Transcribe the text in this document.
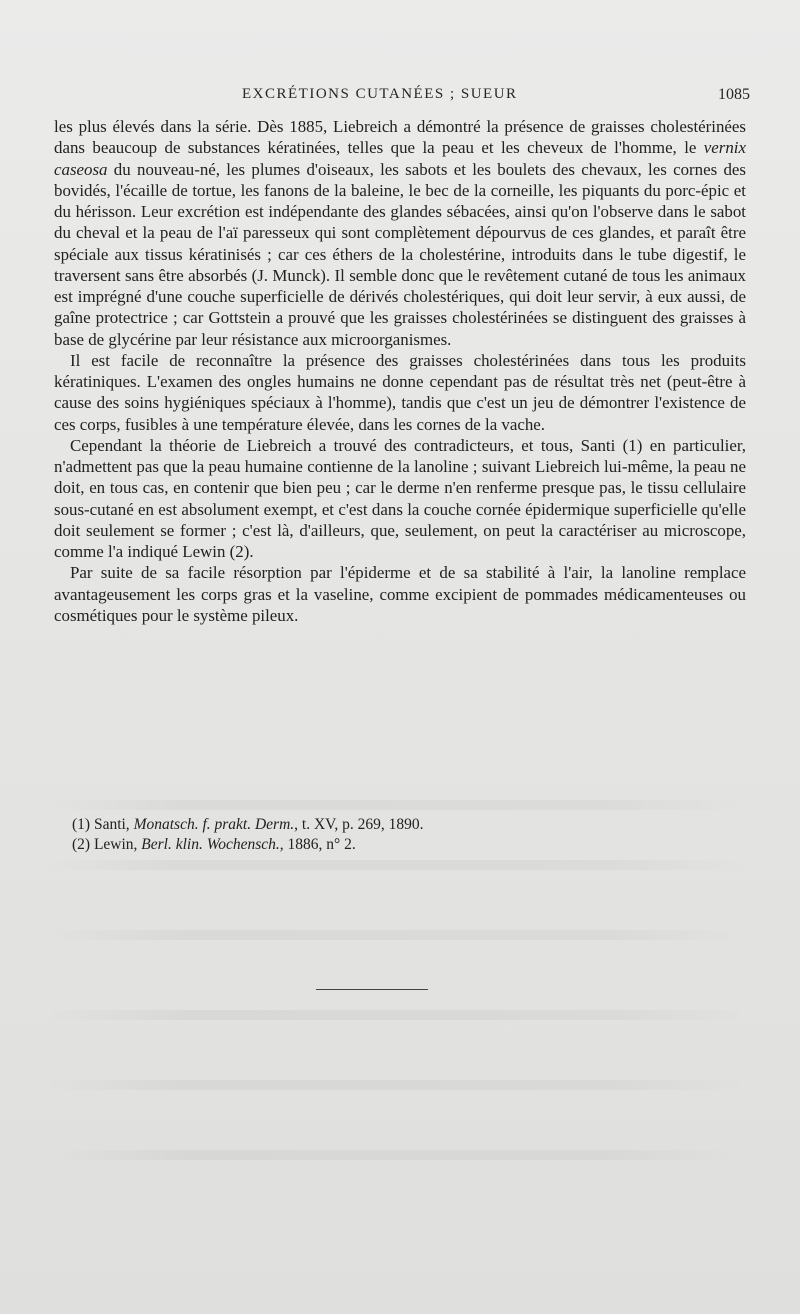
EXCRÉTIONS CUTANÉES ; SUEUR	1085

les plus élevés dans la série. Dès 1885, Liebreich a démontré la présence de graisses cholestérinées dans beaucoup de substances kératinées, telles que la peau et les cheveux de l'homme, le vernix caseosa du nouveau-né, les plumes d'oiseaux, les sabots et les boulets des chevaux, les cornes des bovidés, l'écaille de tortue, les fanons de la baleine, le bec de la corneille, les piquants du porc-épic et du hérisson. Leur excrétion est indépendante des glandes sébacées, ainsi qu'on l'observe dans le sabot du cheval et la peau de l'aï paresseux qui sont complètement dépourvus de ces glandes, et paraît être spéciale aux tissus kératinisés ; car ces éthers de la cholestérine, introduits dans le tube digestif, le traversent sans être absorbés (J. Munck). Il semble donc que le revêtement cutané de tous les animaux est imprégné d'une couche superficielle de dérivés cholestériques, qui doit leur servir, à eux aussi, de gaîne protectrice ; car Gottstein a prouvé que les graisses cholestérinées se distinguent des graisses à base de glycérine par leur résistance aux microorganismes.

Il est facile de reconnaître la présence des graisses cholestérinées dans tous les produits kératiniques. L'examen des ongles humains ne donne cependant pas de résultat très net (peut-être à cause des soins hygiéniques spéciaux à l'homme), tandis que c'est un jeu de démontrer l'existence de ces corps, fusibles à une température élevée, dans les cornes de la vache.

Cependant la théorie de Liebreich a trouvé des contradicteurs, et tous, Santi (1) en particulier, n'admettent pas que la peau humaine contienne de la lanoline ; suivant Liebreich lui-même, la peau ne doit, en tous cas, en contenir que bien peu ; car le derme n'en renferme presque pas, le tissu cellulaire sous-cutané en est absolument exempt, et c'est dans la couche cornée épidermique superficielle qu'elle doit seulement se former ; c'est là, d'ailleurs, que, seulement, on peut la caractériser au microscope, comme l'a indiqué Lewin (2).

Par suite de sa facile résorption par l'épiderme et de sa stabilité à l'air, la lanoline remplace avantageusement les corps gras et la vaseline, comme excipient de pommades médicamenteuses ou cosmétiques pour le système pileux.

(1) Santi, Monatsch. f. prakt. Derm., t. XV, p. 269, 1890.

(2) Lewin, Berl. klin. Wochensch., 1886, n° 2.
